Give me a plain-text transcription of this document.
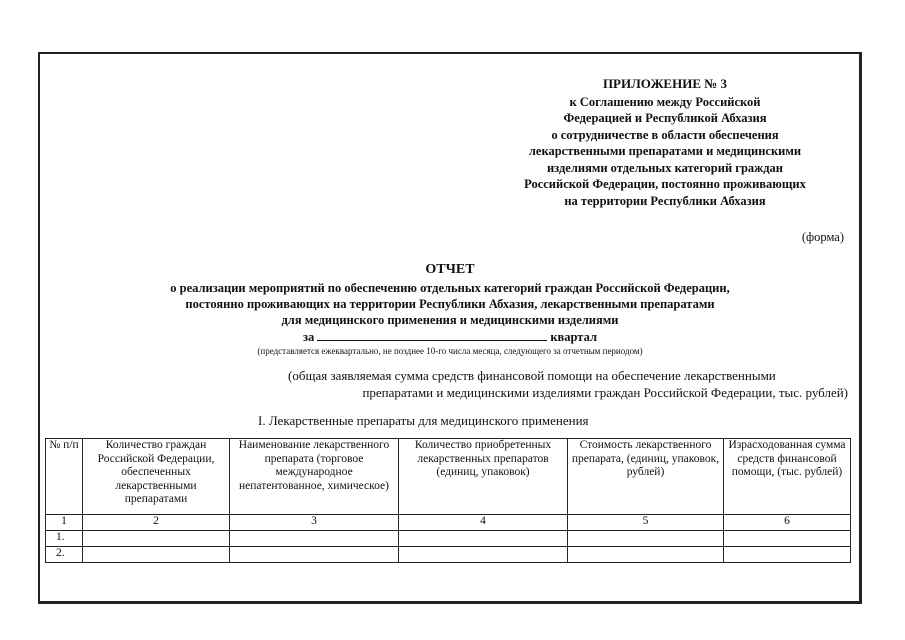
ПРИЛОЖЕНИЕ № 3
к Соглашению между Российской
Федерацией и Республикой Абхазия
о сотрудничестве в области обеспечения
лекарственными препаратами и медицинскими
изделиями отдельных категорий граждан
Российской Федерации, постоянно проживающих
на территории Республики Абхазия
(форма)
ОТЧЕТ
о реализации мероприятий по обеспечению отдельных категорий граждан Российской Федерации,
постоянно проживающих на территории Республики Абхазия, лекарственными препаратами
для медицинского применения и медицинскими изделиями
за	квартал
(представляется ежеквартально, не позднее 10-го числа месяца, следующего за отчетным периодом)
(общая заявляемая сумма средств финансовой помощи на обеспечение лекарственными
препаратами и медицинскими изделиями граждан Российской Федерации, тыс. рублей)
I. Лекарственные препараты для медицинского применения
№ п/п	Количество граждан Российской Федерации, обеспеченных лекарственными препаратами	Наименование лекарственного препарата (торговое международное непатентованное, химическое)	Количество приобретенных лекарственных препаратов (единиц, упаковок)	Стоимость лекарственного препарата, (единиц, упаковок, рублей)	Израсходованная сумма средств финансовой помощи, (тыс. рублей)
1	2	3	4	5	6
1.					
2.					
